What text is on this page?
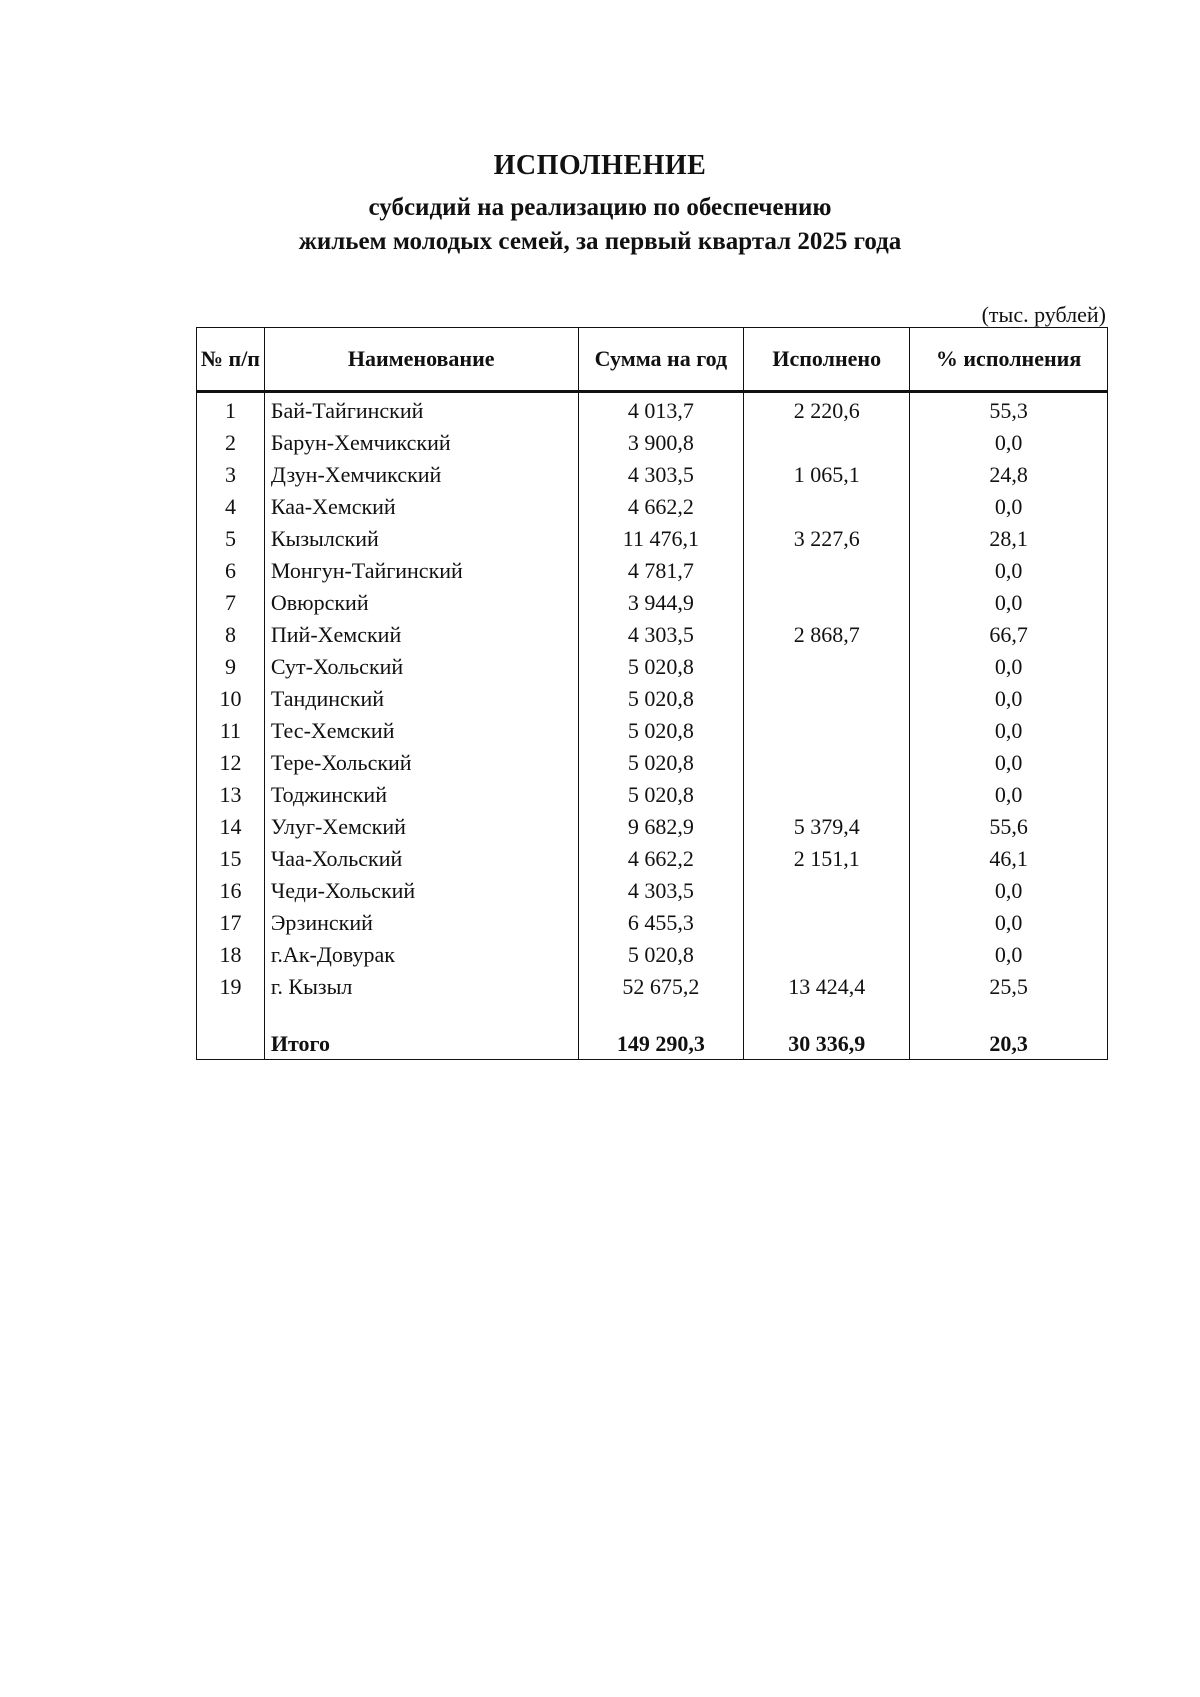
ИСПОЛНЕНИЕ
субсидий на реализацию по обеспечению
жильем молодых семей, за первый квартал 2025 года
(тыс. рублей)
№ п/п	Наименование	Сумма на год	Исполнено	% исполнения
1	Бай-Тайгинский	4 013,7	2 220,6	55,3
2	Барун-Хемчикский	3 900,8		0,0
3	Дзун-Хемчикский	4 303,5	1 065,1	24,8
4	Каа-Хемский	4 662,2		0,0
5	Кызылский	11 476,1	3 227,6	28,1
6	Монгун-Тайгинский	4 781,7		0,0
7	Овюрский	3 944,9		0,0
8	Пий-Хемский	4 303,5	2 868,7	66,7
9	Сут-Хольский	5 020,8		0,0
10	Тандинский	5 020,8		0,0
11	Тес-Хемский	5 020,8		0,0
12	Тере-Хольский	5 020,8		0,0
13	Тоджинский	5 020,8		0,0
14	Улуг-Хемский	9 682,9	5 379,4	55,6
15	Чаа-Хольский	4 662,2	2 151,1	46,1
16	Чеди-Хольский	4 303,5		0,0
17	Эрзинский	6 455,3		0,0
18	г.Ак-Довурак	5 020,8		0,0
19	г. Кызыл	52 675,2	13 424,4	25,5

	Итого	149 290,3	30 336,9	20,3
